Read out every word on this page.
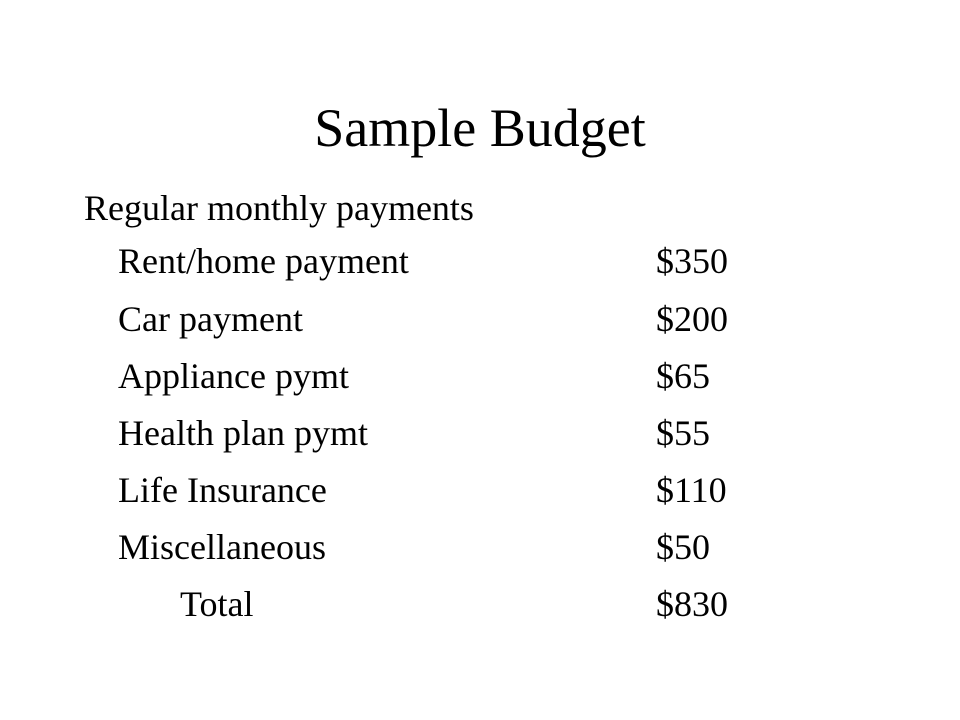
Sample Budget
Regular monthly payments
Rent/home payment	$350
Car payment	$200
Appliance pymt	$65
Health plan pymt	$55
Life Insurance	$110
Miscellaneous	$50
Total	$830
